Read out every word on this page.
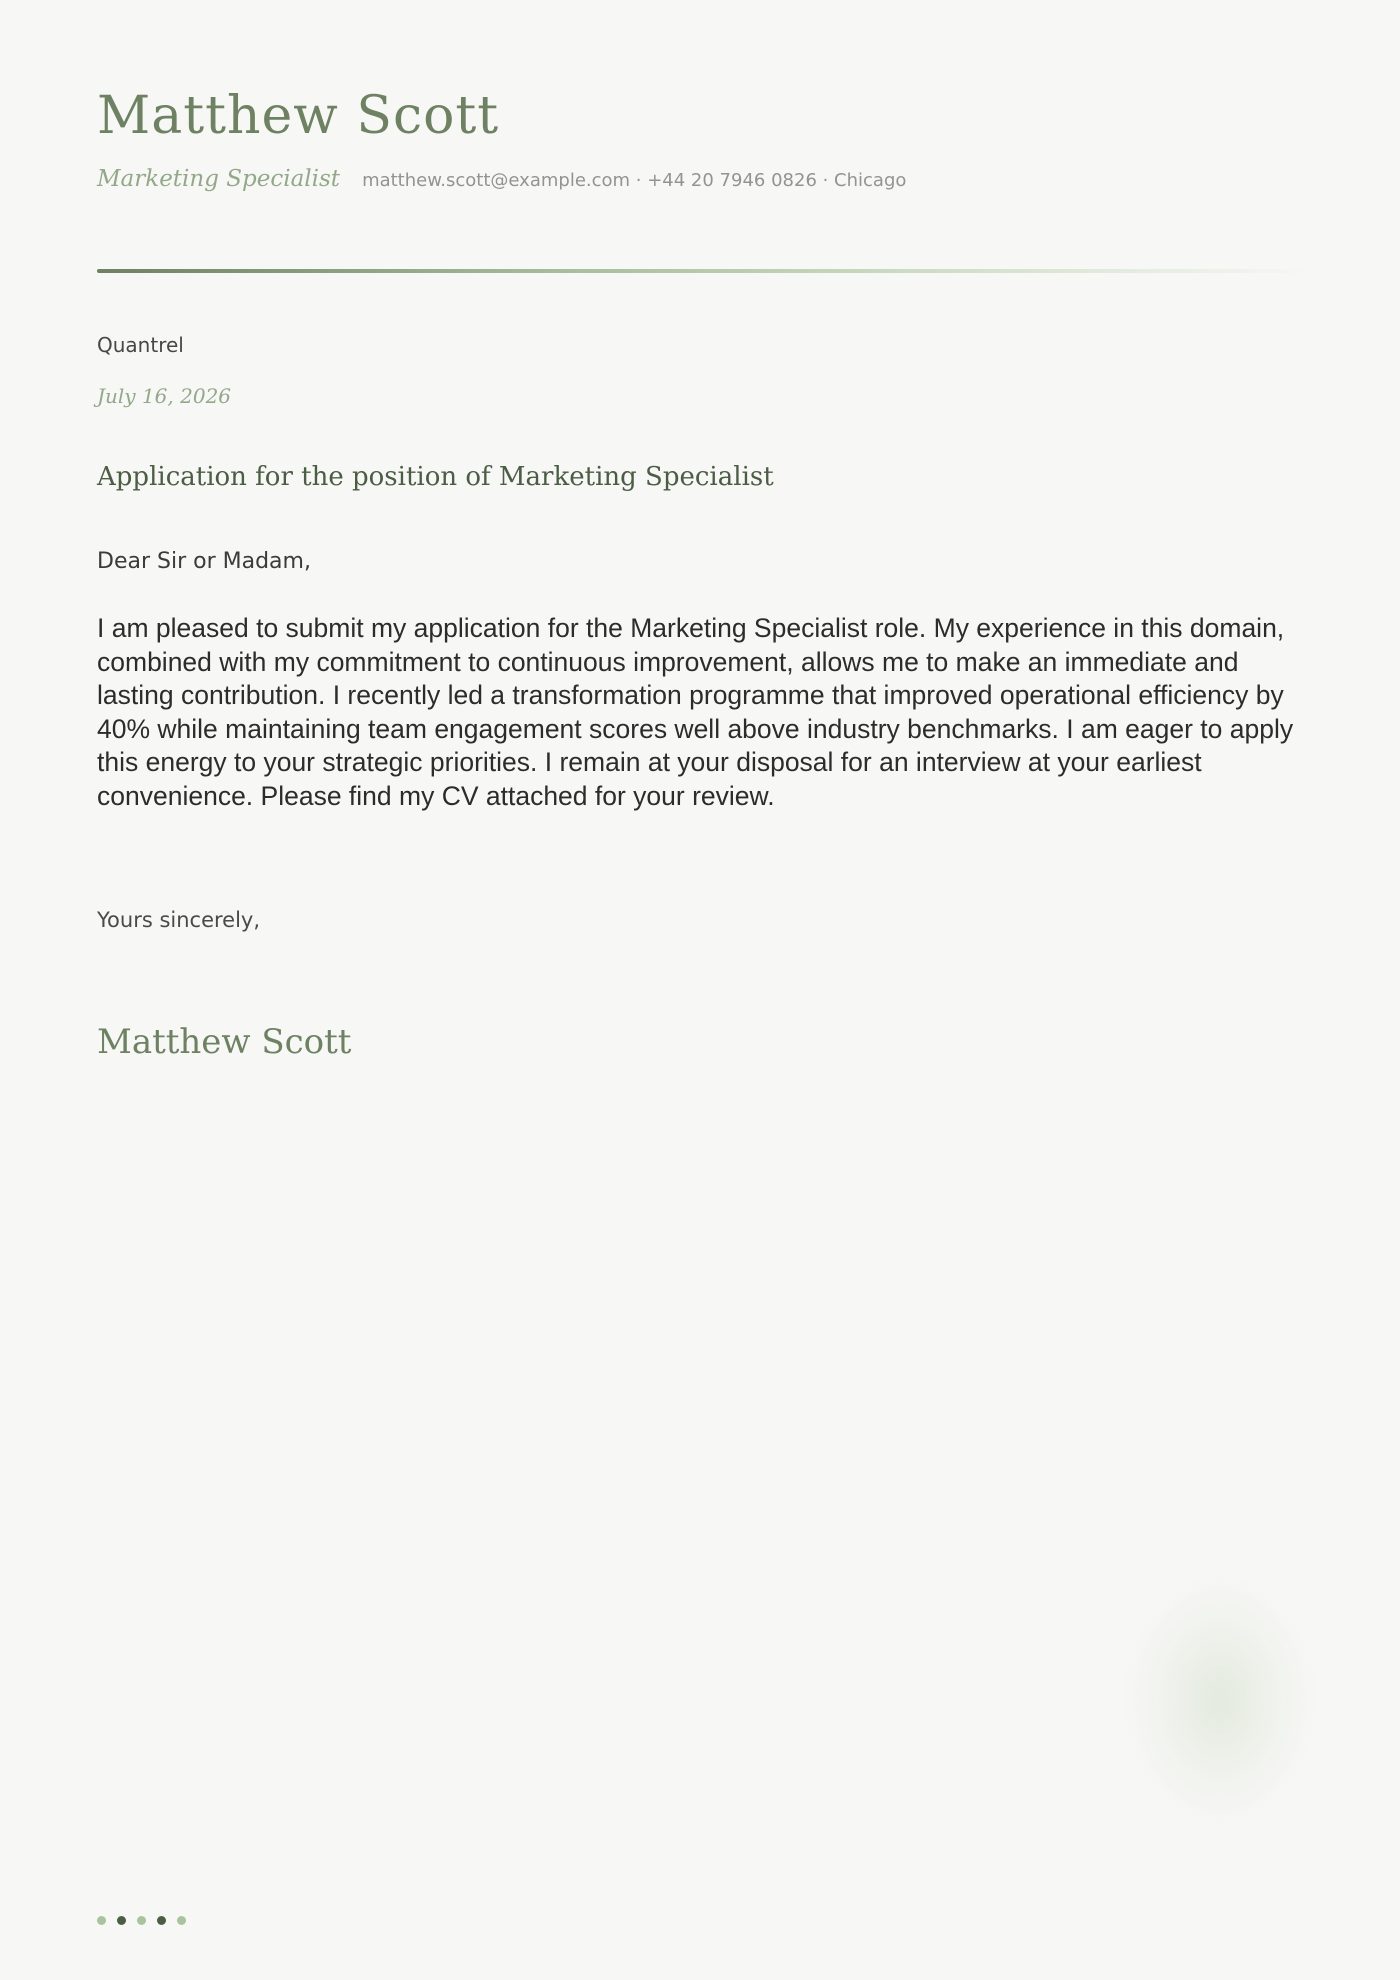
Matthew Scott
Marketing Specialist matthew.scott@example.com · +44 20 7946 0826 · Chicago
Quantrel
July 16, 2026
Application for the position of Marketing Specialist
Dear Sir or Madam,

I am pleased to submit my application for the Marketing Specialist role. My experience in this domain, combined with my commitment to continuous improvement, allows me to make an immediate and lasting contribution. I recently led a transformation programme that improved operational efficiency by 40% while maintaining team engagement scores well above industry benchmarks. I am eager to apply this energy to your strategic priorities. I remain at your disposal for an interview at your earliest convenience. Please find my CV attached for your review.

Yours sincerely,
Matthew Scott
